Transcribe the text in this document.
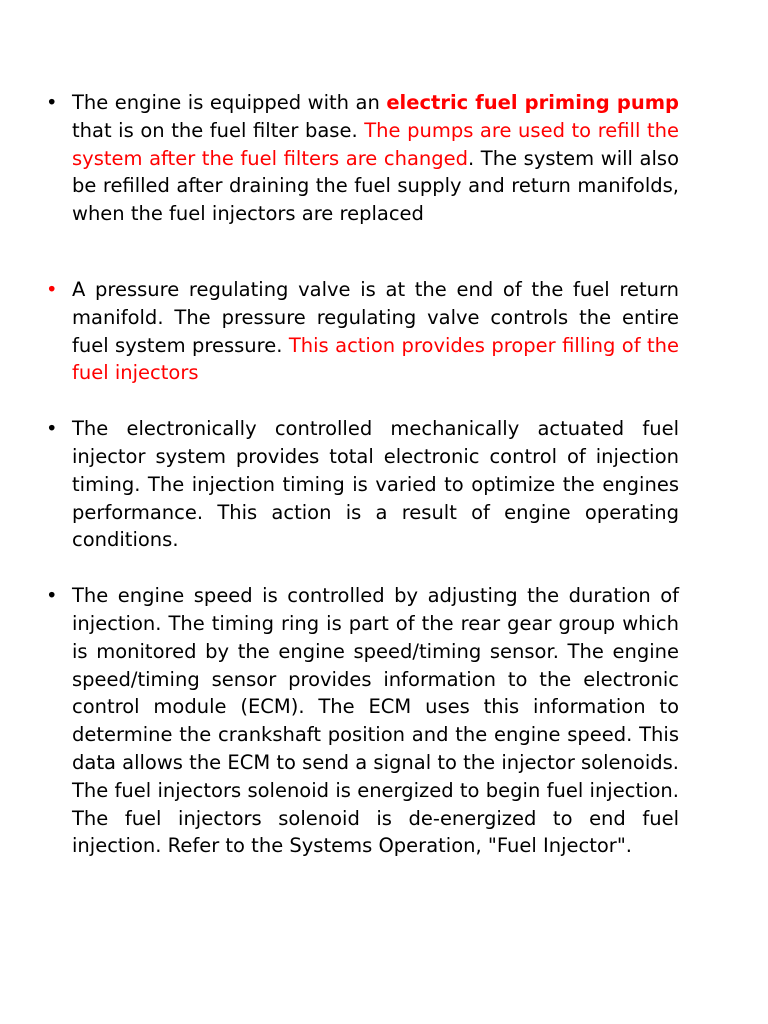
• The engine is equipped with an electric fuel priming pump that is on the fuel filter base. The pumps are used to refill the system after the fuel filters are changed. The system will also be refilled after draining the fuel supply and return manifolds, when the fuel injectors are replaced
• A pressure regulating valve is at the end of the fuel return manifold. The pressure regulating valve controls the entire fuel system pressure. This action provides proper filling of the fuel injectors
• The electronically controlled mechanically actuated fuel injector system provides total electronic control of injection timing. The injection timing is varied to optimize the engines performance. This action is a result of engine operating conditions.
• The engine speed is controlled by adjusting the duration of injection. The timing ring is part of the rear gear group which is monitored by the engine speed/timing sensor. The engine speed/timing sensor provides information to the electronic control module (ECM). The ECM uses this information to determine the crankshaft position and the engine speed. This data allows the ECM to send a signal to the injector solenoids. The fuel injectors solenoid is energized to begin fuel injection. The fuel injectors solenoid is de-energized to end fuel injection. Refer to the Systems Operation, "Fuel Injector".
